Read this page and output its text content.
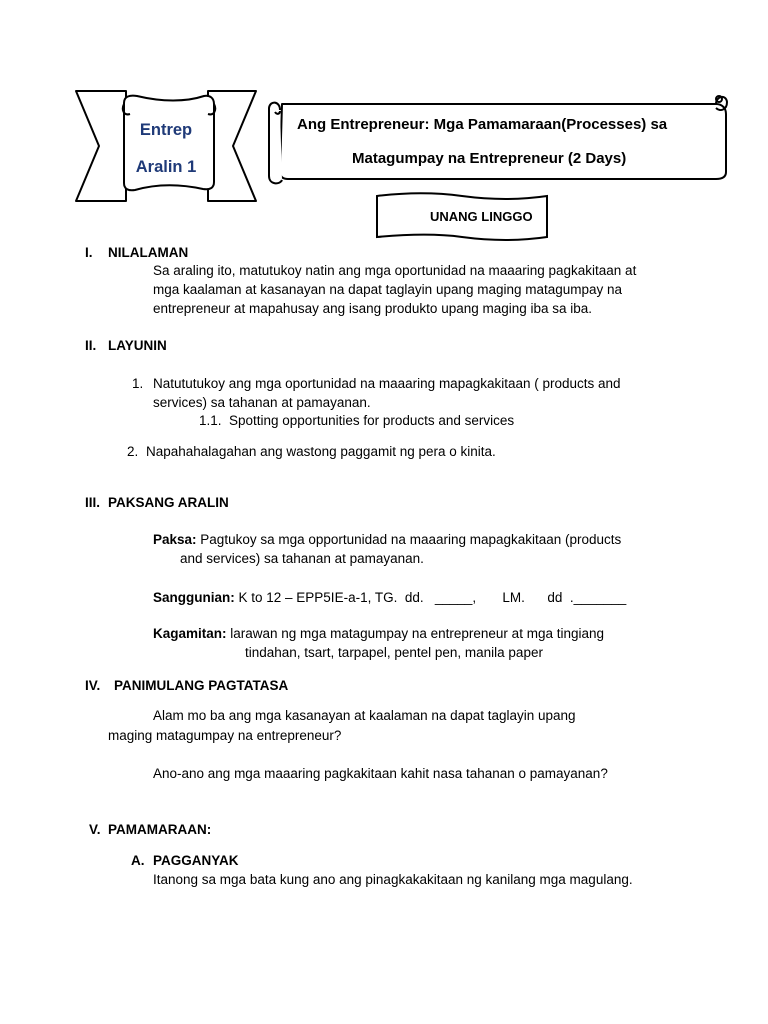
Entrep
Aralin 1
Ang Entrepreneur: Mga Pamamaraan(Processes) sa
Matagumpay na Entrepreneur (2 Days)
UNANG LINGGO
I. NILALAMAN
Sa araling ito, matutukoy natin ang mga oportunidad na maaaring pagkakitaan at
mga kaalaman at kasanayan na dapat taglayin upang maging matagumpay na
entrepreneur at mapahusay ang isang produkto upang maging iba sa iba.
II. LAYUNIN
1. Natututukoy ang mga oportunidad na maaaring mapagkakitaan ( products and
services) sa tahanan at pamayanan.
1.1. Spotting opportunities for products and services
2. Napahahalagahan ang wastong paggamit ng pera o kinita.
III. PAKSANG ARALIN
Paksa: Pagtukoy sa mga opportunidad na maaaring mapagkakitaan (products
and services) sa tahanan at pamayanan.
Sanggunian: K to 12 – EPP5IE-a-1, TG.  dd.   _____,       LM.      dd  ._______
Kagamitan: larawan ng mga matagumpay na entrepreneur at mga tingiang
tindahan, tsart, tarpapel, pentel pen, manila paper
IV. PANIMULANG PAGTATASA
Alam mo ba ang mga kasanayan at kaalaman na dapat taglayin upang
maging matagumpay na entrepreneur?
Ano-ano ang mga maaaring pagkakitaan kahit nasa tahanan o pamayanan?
V. PAMAMARAAN:
A. PAGGANYAK
Itanong sa mga bata kung ano ang pinagkakakitaan ng kanilang mga magulang.
